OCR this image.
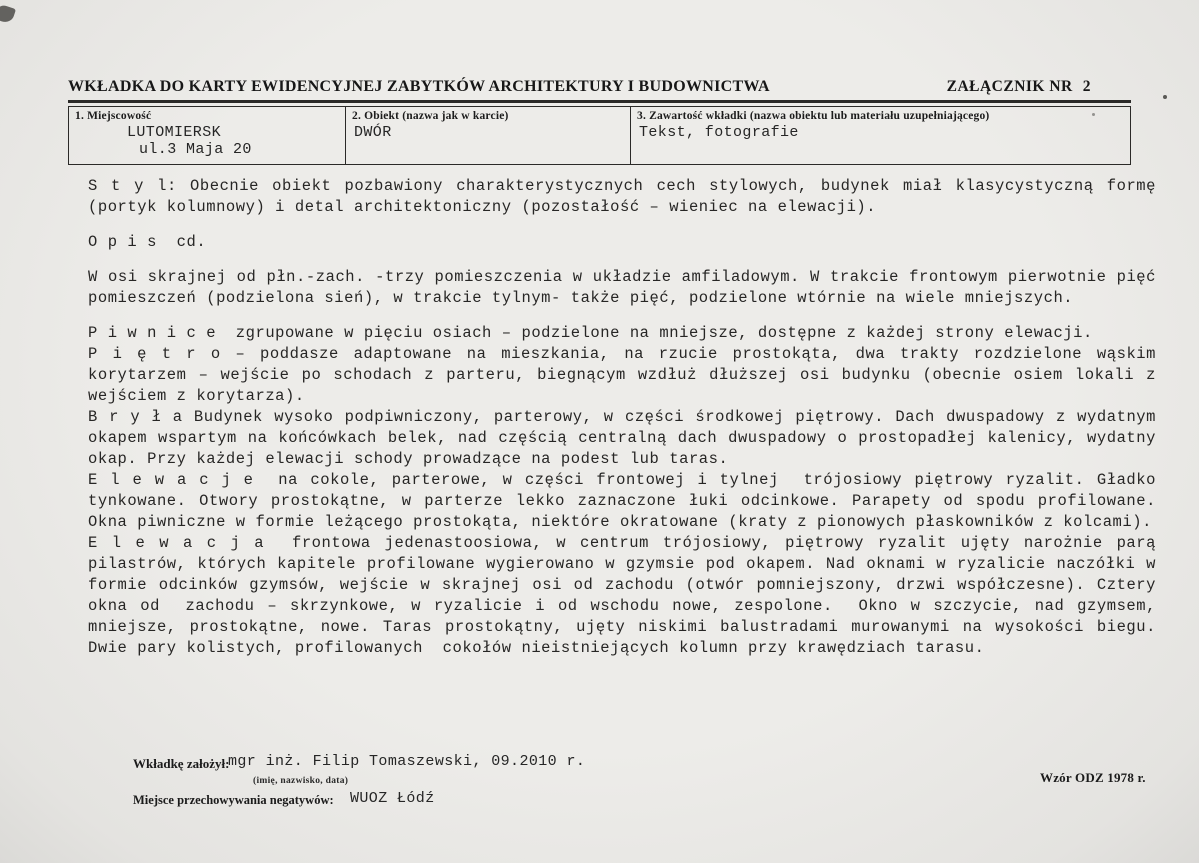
WKŁADKA DO KARTY EWIDENCYJNEJ ZABYTKÓW ARCHITEKTURY I BUDOWNICTWA	ZAŁĄCZNIK NR 2
1. Miejscowość
LUTOMIERSK
ul.3 Maja 20
2. Obiekt (nazwa jak w karcie)
DWÓR
3. Zawartość wkładki (nazwa obiektu lub materiału uzupełniającego)
Tekst, fotografie

S t y l: Obecnie obiekt pozbawiony charakterystycznych cech stylowych, budynek miał klasycystyczną formę (portyk kolumnowy) i detal architektoniczny (pozostałość – wieniec na elewacji).

O p i s  cd.

W osi skrajnej od płn.-zach. -trzy pomieszczenia w układzie amfiladowym. W trakcie frontowym pierwotnie pięć pomieszczeń (podzielona sień), w trakcie tylnym- także pięć, podzielone wtórnie na wiele mniejszych.

P i w n i c e  zgrupowane w pięciu osiach – podzielone na mniejsze, dostępne z każdej strony elewacji.

P i ę t r o – poddasze adaptowane na mieszkania, na rzucie prostokąta, dwa trakty rozdzielone wąskim korytarzem – wejście po schodach z parteru, biegnącym wzdłuż dłuższej osi budynku (obecnie osiem lokali z wejściem z korytarza).

B r y ł a Budynek wysoko podpiwniczony, parterowy, w części środkowej piętrowy. Dach dwuspadowy z wydatnym okapem wspartym na końcówkach belek, nad częścią centralną dach dwuspadowy o prostopadłej kalenicy, wydatny okap. Przy każdej elewacji schody prowadzące na podest lub taras.

E l e w a c j e  na cokole, parterowe, w części frontowej i tylnej  trójosiowy piętrowy ryzalit. Gładko tynkowane. Otwory prostokątne, w parterze lekko zaznaczone łuki odcinkowe. Parapety od spodu profilowane. Okna piwniczne w formie leżącego prostokąta, niektóre okratowane (kraty z pionowych płaskowników z kolcami).

E l e w a c j a  frontowa jedenastoosiowa, w centrum trójosiowy, piętrowy ryzalit ujęty narożnie parą pilastrów, których kapitele profilowane wygierowano w gzymsie pod okapem. Nad oknami w ryzalicie naczółki w formie odcinków gzymsów, wejście w skrajnej osi od zachodu (otwór pomniejszony, drzwi współczesne). Cztery okna od  zachodu – skrzynkowe, w ryzalicie i od wschodu nowe, zespolone.  Okno w szczycie, nad gzymsem, mniejsze, prostokątne, nowe. Taras prostokątny, ujęty niskimi balustradami murowanymi na wysokości biegu. Dwie pary kolistych, profilowanych  cokołów nieistniejących kolumn przy krawędziach tarasu.

Wkładkę założył:
mgr inż. Filip Tomaszewski, 09.2010 r.
(imię, nazwisko, data)	Wzór ODZ 1978 r.
Miejsce przechowywania negatywów: WUOZ Łódź
